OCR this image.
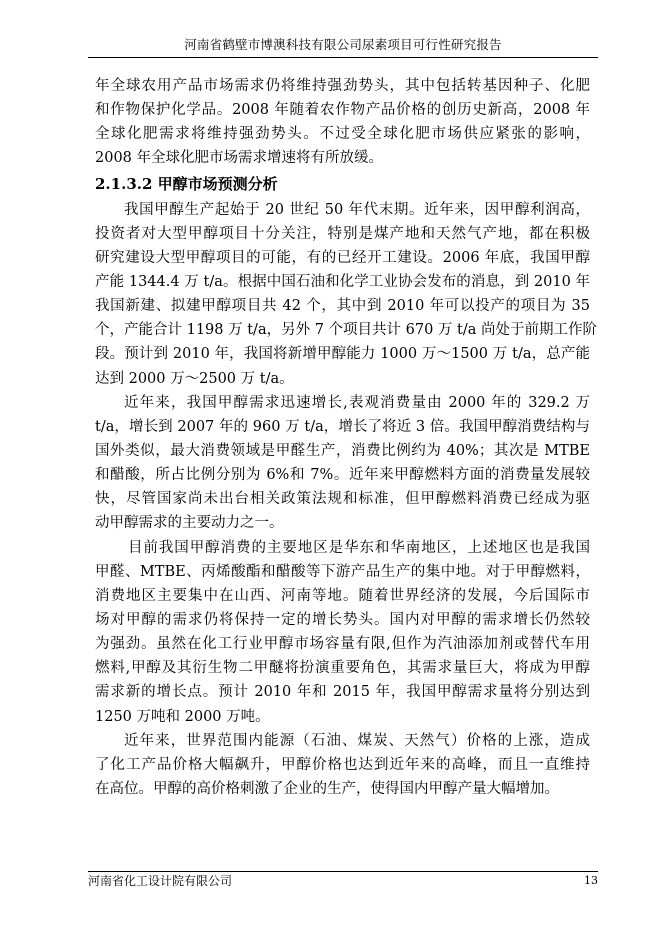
河南省鹤壁市博澳科技有限公司尿素项目可行性研究报告
年全球农用产品市场需求仍将维持强劲势头，其中包括转基因种子、化肥
和作物保护化学品。2008 年随着农作物产品价格的创历史新高，2008 年
全球化肥需求将维持强劲势头。不过受全球化肥市场供应紧张的影响，
2008 年全球化肥市场需求增速将有所放缓。
2.1.3.2 甲醇市场预测分析
我国甲醇生产起始于 20 世纪 50 年代末期。近年来，因甲醇利润高，
投资者对大型甲醇项目十分关注，特别是煤产地和天然气产地，都在积极
研究建设大型甲醇项目的可能，有的已经开工建设。2006 年底，我国甲醇
产能 1344.4 万 t/a。根据中国石油和化学工业协会发布的消息，到 2010 年
我国新建、拟建甲醇项目共 42 个，其中到 2010 年可以投产的项目为 35
个，产能合计 1198 万 t/a，另外 7 个项目共计 670 万 t/a 尚处于前期工作阶
段。预计到 2010 年，我国将新增甲醇能力 1000 万～1500 万 t/a，总产能
达到 2000 万～2500 万 t/a。
近年来，我国甲醇需求迅速增长,表观消费量由 2000 年的 329.2 万
t/a，增长到 2007 年的 960 万 t/a，增长了将近 3 倍。我国甲醇消费结构与
国外类似，最大消费领域是甲醛生产，消费比例约为 40%；其次是 MTBE
和醋酸，所占比例分别为 6%和 7%。近年来甲醇燃料方面的消费量发展较
快，尽管国家尚未出台相关政策法规和标准，但甲醇燃料消费已经成为驱
动甲醇需求的主要动力之一。
目前我国甲醇消费的主要地区是华东和华南地区，上述地区也是我国
甲醛、MTBE、丙烯酸酯和醋酸等下游产品生产的集中地。对于甲醇燃料，
消费地区主要集中在山西、河南等地。随着世界经济的发展，今后国际市
场对甲醇的需求仍将保持一定的增长势头。国内对甲醇的需求增长仍然较
为强劲。虽然在化工行业甲醇市场容量有限,但作为汽油添加剂或替代车用
燃料,甲醇及其衍生物二甲醚将扮演重要角色，其需求量巨大，将成为甲醇
需求新的增长点。预计 2010 年和 2015 年，我国甲醇需求量将分别达到
1250 万吨和 2000 万吨。
近年来，世界范围内能源（石油、煤炭、天然气）价格的上涨，造成
了化工产品价格大幅飙升，甲醇价格也达到近年来的高峰，而且一直维持
在高位。甲醇的高价格刺激了企业的生产，使得国内甲醇产量大幅增加。
河南省化工设计院有限公司	13
